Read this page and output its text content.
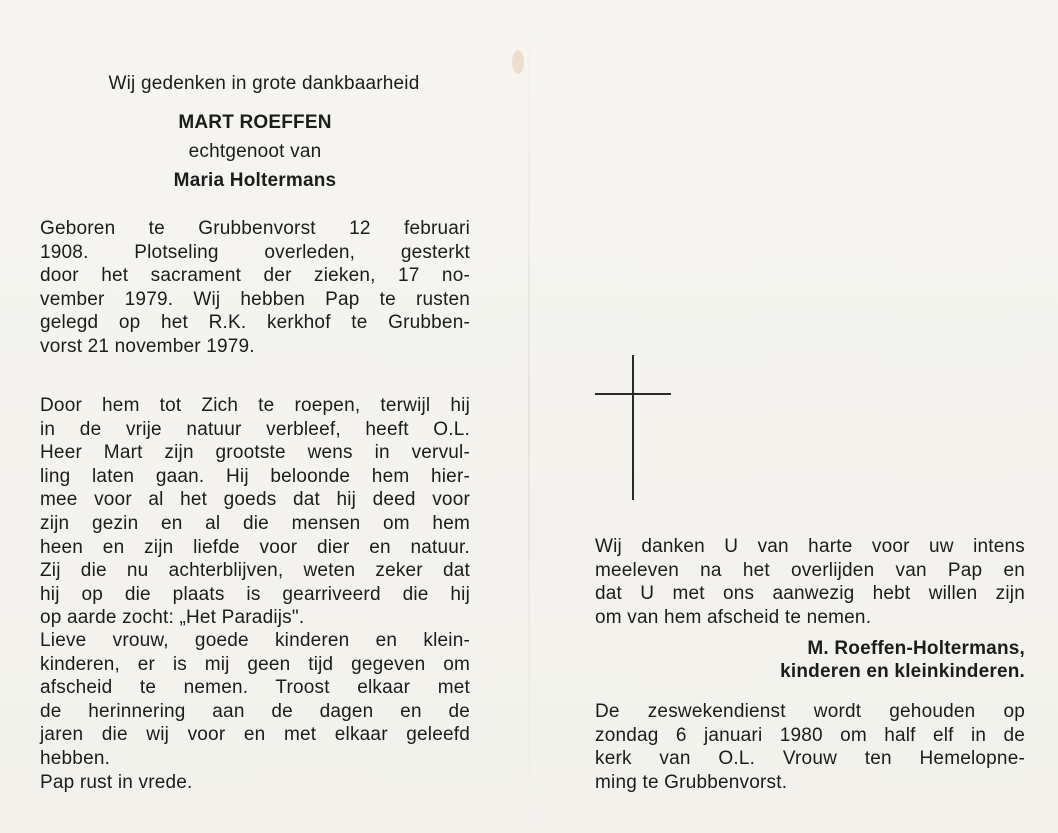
Wij gedenken in grote dankbaarheid
MART ROEFFEN
echtgenoot van
Maria Holtermans

Geboren te Grubbenvorst 12 februari
1908. Plotseling overleden, gesterkt
door het sacrament der zieken, 17 no-
vember 1979. Wij hebben Pap te rusten
gelegd op het R.K. kerkhof te Grubben-
vorst 21 november 1979.

Door hem tot Zich te roepen, terwijl hij
in de vrije natuur verbleef, heeft O.L.
Heer Mart zijn grootste wens in vervul-
ling laten gaan. Hij beloonde hem hier-
mee voor al het goeds dat hij deed voor
zijn gezin en al die mensen om hem
heen en zijn liefde voor dier en natuur.
Zij die nu achterblijven, weten zeker dat
hij op die plaats is gearriveerd die hij
op aarde zocht: „Het Paradijs".

Lieve vrouw, goede kinderen en klein-
kinderen, er is mij geen tijd gegeven om
afscheid te nemen. Troost elkaar met
de herinnering aan de dagen en de
jaren die wij voor en met elkaar geleefd
hebben.
Pap rust in vrede.

Wij danken U van harte voor uw intens
meeleven na het overlijden van Pap en
dat U met ons aanwezig hebt willen zijn
om van hem afscheid te nemen.

M. Roeffen-Holtermans,
kinderen en kleinkinderen.

De zeswekendienst wordt gehouden op
zondag 6 januari 1980 om half elf in de
kerk van O.L. Vrouw ten Hemelopne-
ming te Grubbenvorst.
